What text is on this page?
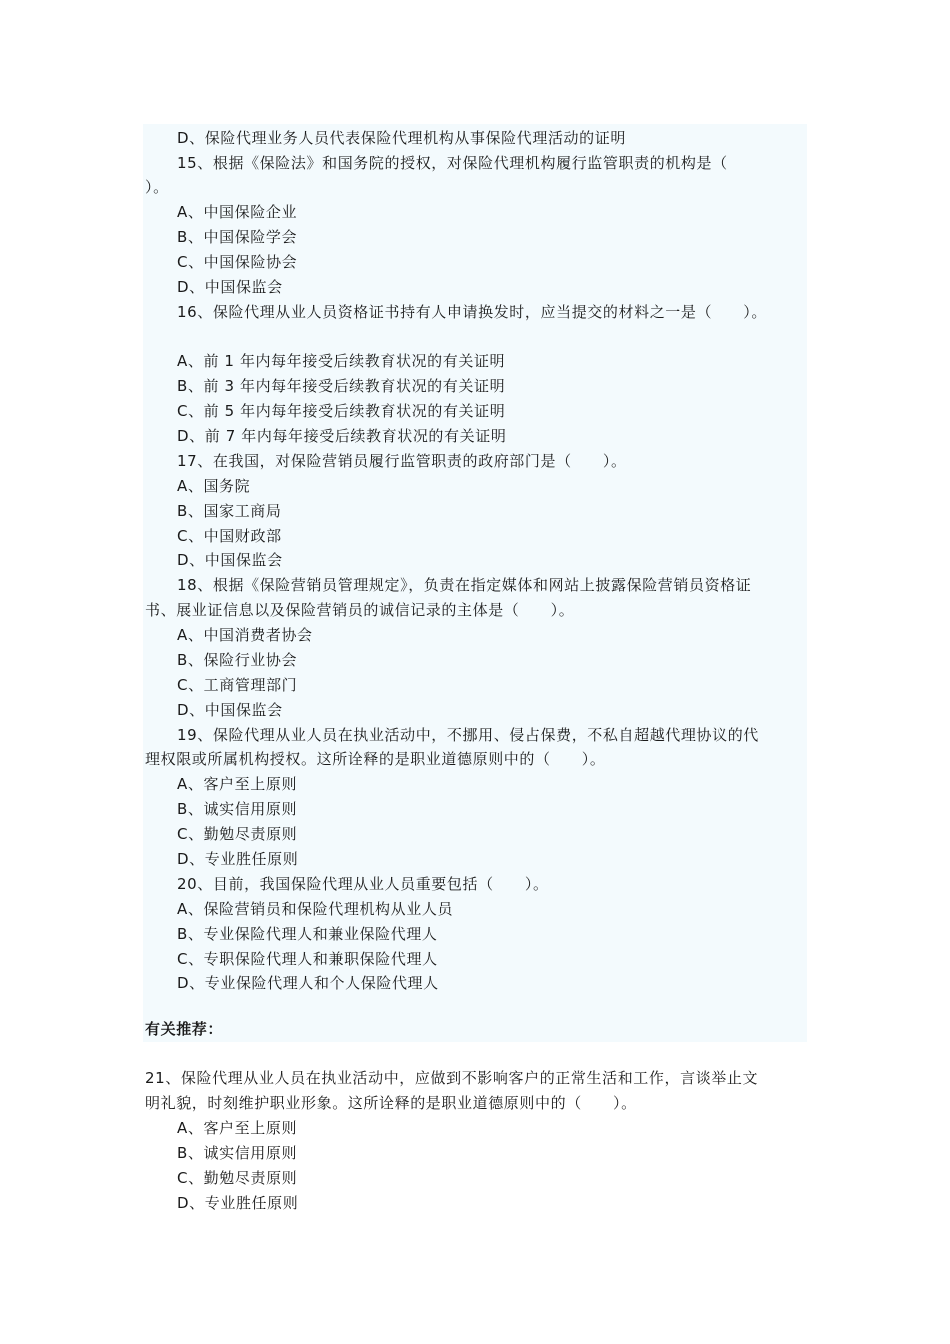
D、保险代理业务人员代表保险代理机构从事保险代理活动的证明
15、根据《保险法》和国务院的授权，对保险代理机构履行监管职责的机构是（
）。
A、中国保险企业
B、中国保险学会
C、中国保险协会
D、中国保监会
16、保险代理从业人员资格证书持有人申请换发时，应当提交的材料之一是（　　）。
A、前 1 年内每年接受后续教育状况的有关证明
B、前 3 年内每年接受后续教育状况的有关证明
C、前 5 年内每年接受后续教育状况的有关证明
D、前 7 年内每年接受后续教育状况的有关证明
17、在我国，对保险营销员履行监管职责的政府部门是（　　）。
A、国务院
B、国家工商局
C、中国财政部
D、中国保监会
18、根据《保险营销员管理规定》，负责在指定媒体和网站上披露保险营销员资格证
书、展业证信息以及保险营销员的诚信记录的主体是（　　）。
A、中国消费者协会
B、保险行业协会
C、工商管理部门
D、中国保监会
19、保险代理从业人员在执业活动中，不挪用、侵占保费，不私自超越代理协议的代
理权限或所属机构授权。这所诠释的是职业道德原则中的（　　）。
A、客户至上原则
B、诚实信用原则
C、勤勉尽责原则
D、专业胜任原则
20、目前，我国保险代理从业人员重要包括（　　）。
A、保险营销员和保险代理机构从业人员
B、专业保险代理人和兼业保险代理人
C、专职保险代理人和兼职保险代理人
D、专业保险代理人和个人保险代理人
有关推荐：
21、保险代理从业人员在执业活动中，应做到不影响客户的正常生活和工作，言谈举止文
明礼貌，时刻维护职业形象。这所诠释的是职业道德原则中的（　　）。
A、客户至上原则
B、诚实信用原则
C、勤勉尽责原则
D、专业胜任原则
